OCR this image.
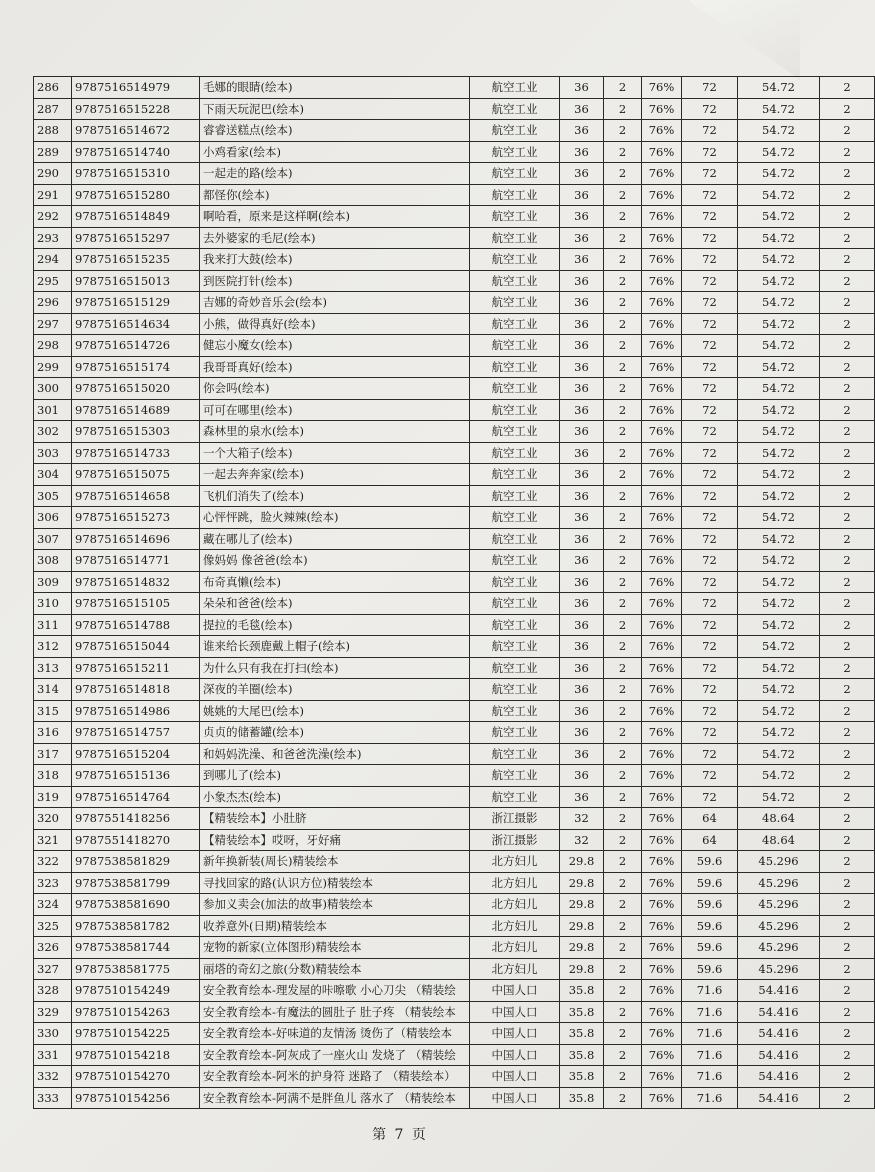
286	9787516514979	毛娜的眼睛(绘本)	航空工业	36	2	76%	72	54.72	2
287	9787516515228	下雨天玩泥巴(绘本)	航空工业	36	2	76%	72	54.72	2
288	9787516514672	睿睿送糕点(绘本)	航空工业	36	2	76%	72	54.72	2
289	9787516514740	小鸡看家(绘本)	航空工业	36	2	76%	72	54.72	2
290	9787516515310	一起走的路(绘本)	航空工业	36	2	76%	72	54.72	2
291	9787516515280	都怪你(绘本)	航空工业	36	2	76%	72	54.72	2
292	9787516514849	啊哈看，原来是这样啊(绘本)	航空工业	36	2	76%	72	54.72	2
293	9787516515297	去外婆家的毛尼(绘本)	航空工业	36	2	76%	72	54.72	2
294	9787516515235	我来打大鼓(绘本)	航空工业	36	2	76%	72	54.72	2
295	9787516515013	到医院打针(绘本)	航空工业	36	2	76%	72	54.72	2
296	9787516515129	吉娜的奇妙音乐会(绘本)	航空工业	36	2	76%	72	54.72	2
297	9787516514634	小熊，做得真好(绘本)	航空工业	36	2	76%	72	54.72	2
298	9787516514726	健忘小魔女(绘本)	航空工业	36	2	76%	72	54.72	2
299	9787516515174	我哥哥真好(绘本)	航空工业	36	2	76%	72	54.72	2
300	9787516515020	你会吗(绘本)	航空工业	36	2	76%	72	54.72	2
301	9787516514689	可可在哪里(绘本)	航空工业	36	2	76%	72	54.72	2
302	9787516515303	森林里的泉水(绘本)	航空工业	36	2	76%	72	54.72	2
303	9787516514733	一个大箱子(绘本)	航空工业	36	2	76%	72	54.72	2
304	9787516515075	一起去奔奔家(绘本)	航空工业	36	2	76%	72	54.72	2
305	9787516514658	飞机们消失了(绘本)	航空工业	36	2	76%	72	54.72	2
306	9787516515273	心怦怦跳，脸火辣辣(绘本)	航空工业	36	2	76%	72	54.72	2
307	9787516514696	藏在哪儿了(绘本)	航空工业	36	2	76%	72	54.72	2
308	9787516514771	像妈妈 像爸爸(绘本)	航空工业	36	2	76%	72	54.72	2
309	9787516514832	布奇真懒(绘本)	航空工业	36	2	76%	72	54.72	2
310	9787516515105	朵朵和爸爸(绘本)	航空工业	36	2	76%	72	54.72	2
311	9787516514788	提拉的毛毯(绘本)	航空工业	36	2	76%	72	54.72	2
312	9787516515044	谁来给长颈鹿戴上帽子(绘本)	航空工业	36	2	76%	72	54.72	2
313	9787516515211	为什么只有我在打扫(绘本)	航空工业	36	2	76%	72	54.72	2
314	9787516514818	深夜的羊圈(绘本)	航空工业	36	2	76%	72	54.72	2
315	9787516514986	姚姚的大尾巴(绘本)	航空工业	36	2	76%	72	54.72	2
316	9787516514757	贞贞的储蓄罐(绘本)	航空工业	36	2	76%	72	54.72	2
317	9787516515204	和妈妈洗澡、和爸爸洗澡(绘本)	航空工业	36	2	76%	72	54.72	2
318	9787516515136	到哪儿了(绘本)	航空工业	36	2	76%	72	54.72	2
319	9787516514764	小象杰杰(绘本)	航空工业	36	2	76%	72	54.72	2
320	9787551418256	【精装绘本】小肚脐	浙江摄影	32	2	76%	64	48.64	2
321	9787551418270	【精装绘本】哎呀，牙好痛	浙江摄影	32	2	76%	64	48.64	2
322	9787538581829	新年换新装(周长)精装绘本	北方妇儿	29.8	2	76%	59.6	45.296	2
323	9787538581799	寻找回家的路(认识方位)精装绘本	北方妇儿	29.8	2	76%	59.6	45.296	2
324	9787538581690	参加义卖会(加法的故事)精装绘本	北方妇儿	29.8	2	76%	59.6	45.296	2
325	9787538581782	收养意外(日期)精装绘本	北方妇儿	29.8	2	76%	59.6	45.296	2
326	9787538581744	宠物的新家(立体图形)精装绘本	北方妇儿	29.8	2	76%	59.6	45.296	2
327	9787538581775	丽塔的奇幻之旅(分数)精装绘本	北方妇儿	29.8	2	76%	59.6	45.296	2
328	9787510154249	安全教育绘本-理发屋的咔嚓歌 小心刀尖 （精装绘	中国人口	35.8	2	76%	71.6	54.416	2
329	9787510154263	安全教育绘本-有魔法的圆肚子 肚子疼 （精装绘本	中国人口	35.8	2	76%	71.6	54.416	2
330	9787510154225	安全教育绘本-好味道的友情汤 烫伤了（精装绘本	中国人口	35.8	2	76%	71.6	54.416	2
331	9787510154218	安全教育绘本-阿灰成了一座火山 发烧了 （精装绘	中国人口	35.8	2	76%	71.6	54.416	2
332	9787510154270	安全教育绘本-阿米的护身符 迷路了 （精装绘本）	中国人口	35.8	2	76%	71.6	54.416	2
333	9787510154256	安全教育绘本-阿满不是胖鱼儿 落水了 （精装绘本	中国人口	35.8	2	76%	71.6	54.416	2
第 7 页
